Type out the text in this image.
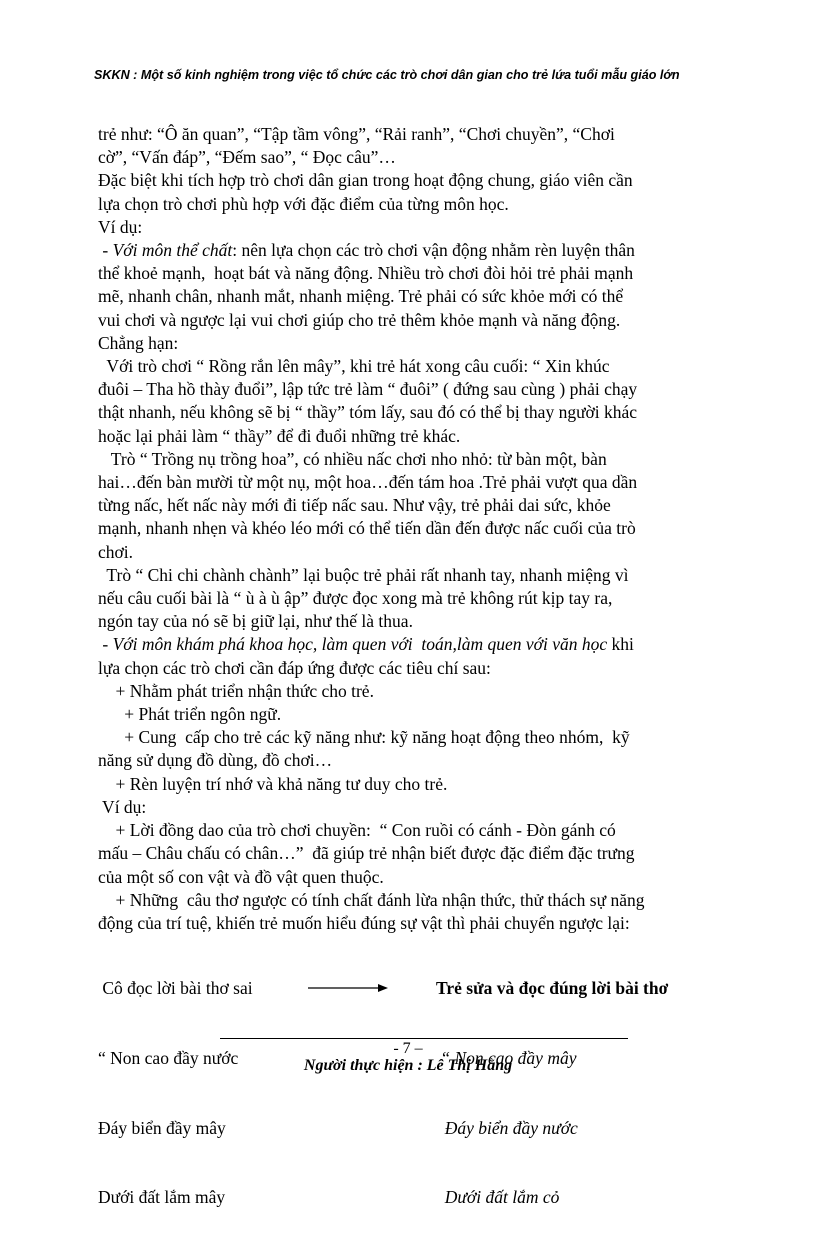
SKKN : Một số kinh nghiệm trong việc tổ chức các trò chơi dân gian cho trẻ lứa tuổi mẫu giáo lớn
trẻ như: “Ô ăn quan”, “Tập tầm vông”, “Rải ranh”, “Chơi chuyền”, “Chơi
cờ”, “Vấn đáp”, “Đếm sao”, “ Đọc câu”…
Đặc biệt khi tích hợp trò chơi dân gian trong hoạt động chung, giáo viên cần
lựa chọn trò chơi phù hợp với đặc điểm của từng môn học.
Ví dụ:
- Với môn thể chất: nên lựa chọn các trò chơi vận động nhằm rèn luyện thân
thể khoẻ mạnh,  hoạt bát và năng động. Nhiều trò chơi đòi hỏi trẻ phải mạnh
mẽ, nhanh chân, nhanh mắt, nhanh miệng. Trẻ phải có sức khỏe mới có thể
vui chơi và ngược lại vui chơi giúp cho trẻ thêm khỏe mạnh và năng động.
Chẳng hạn:
Với trò chơi “ Rồng rắn lên mây”, khi trẻ hát xong câu cuối: “ Xin khúc
đuôi – Tha hồ thày đuổi”, lập tức trẻ làm “ đuôi” ( đứng sau cùng ) phải chạy
thật nhanh, nếu không sẽ bị “ thầy” tóm lấy, sau đó có thể bị thay người khác
hoặc lại phải làm “ thầy” để đi đuổi những trẻ khác.
Trò “ Trồng nụ trồng hoa”, có nhiều nấc chơi nho nhỏ: từ bàn một, bàn
hai…đến bàn mười từ một nụ, một hoa…đến tám hoa .Trẻ phải vượt qua dần
từng nấc, hết nấc này mới đi tiếp nấc sau. Như vậy, trẻ phải dai sức, khỏe
mạnh, nhanh nhẹn và khéo léo mới có thể tiến dần đến được nấc cuối của trò
chơi.
Trò “ Chi chi chành chành” lại buộc trẻ phải rất nhanh tay, nhanh miệng vì
nếu câu cuối bài là “ ù à ù ập” được đọc xong mà trẻ không rút kịp tay ra,
ngón tay của nó sẽ bị giữ lại, như thế là thua.
- Với môn khám phá khoa học, làm quen với  toán,làm quen với văn học khi
lựa chọn các trò chơi cần đáp ứng được các tiêu chí sau:
+ Nhằm phát triển nhận thức cho trẻ.
+ Phát triển ngôn ngữ.
+ Cung  cấp cho trẻ các kỹ năng như: kỹ năng hoạt động theo nhóm,  kỹ
năng sử dụng đồ dùng, đồ chơi…
+ Rèn luyện trí nhớ và khả năng tư duy cho trẻ.
Ví dụ:
+ Lời đồng dao của trò chơi chuyền:  “ Con ruồi có cánh - Đòn gánh có
mấu – Châu chấu có chân…”  đã giúp trẻ nhận biết được đặc điểm đặc trưng
của một số con vật và đồ vật quen thuộc.
+ Những  câu thơ ngược có tính chất đánh lừa nhận thức, thử thách sự năng
động của trí tuệ, khiến trẻ muốn hiểu đúng sự vật thì phải chuyển ngược lại:

Cô đọc lời bài thơ sai

“ Non cao đầy nước

Đáy biển đầy mây

Dưới đất lắm mây

Trẻ sửa và đọc đúng lời bài thơ

“ Non cao đầy mây

Đáy biển đầy nước

Dưới đất lắm cỏ

- 7 –
Người thực hiện : Lê Thị Hằng
